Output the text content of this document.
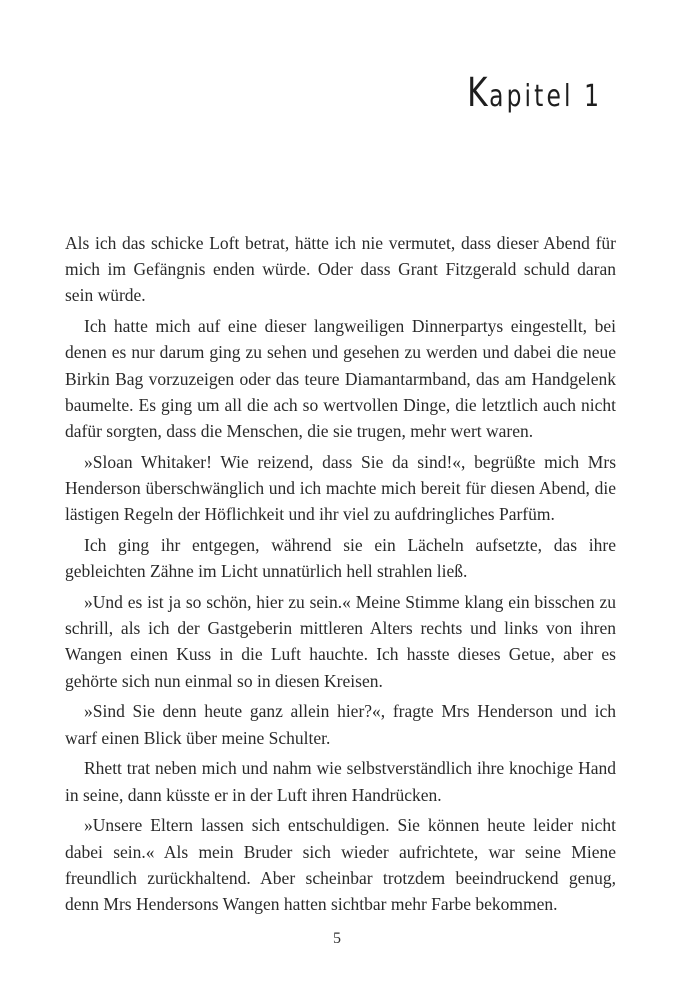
Kapitel 1

Als ich das schicke Loft betrat, hätte ich nie vermutet, dass dieser Abend für mich im Gefängnis enden würde. Oder dass Grant Fitzgerald schuld daran sein würde.

Ich hatte mich auf eine dieser langweiligen Dinnerpartys eingestellt, bei denen es nur darum ging zu sehen und gesehen zu werden und dabei die neue Birkin Bag vorzuzeigen oder das teure Diamantarmband, das am Handgelenk baumelte. Es ging um all die ach so wertvollen Dinge, die letztlich auch nicht dafür sorgten, dass die Menschen, die sie trugen, mehr wert waren.

»Sloan Whitaker! Wie reizend, dass Sie da sind!«, begrüßte mich Mrs Henderson überschwänglich und ich machte mich bereit für diesen Abend, die lästigen Regeln der Höflichkeit und ihr viel zu aufdringliches Parfüm.

Ich ging ihr entgegen, während sie ein Lächeln aufsetzte, das ihre gebleichten Zähne im Licht unnatürlich hell strahlen ließ.

»Und es ist ja so schön, hier zu sein.« Meine Stimme klang ein bisschen zu schrill, als ich der Gastgeberin mittleren Alters rechts und links von ihren Wangen einen Kuss in die Luft hauchte. Ich hasste dieses Getue, aber es gehörte sich nun einmal so in diesen Kreisen.

»Sind Sie denn heute ganz allein hier?«, fragte Mrs Henderson und ich warf einen Blick über meine Schulter.

Rhett trat neben mich und nahm wie selbstverständlich ihre knochige Hand in seine, dann küsste er in der Luft ihren Handrücken.

»Unsere Eltern lassen sich entschuldigen. Sie können heute leider nicht dabei sein.« Als mein Bruder sich wieder aufrichtete, war seine Miene freundlich zurückhaltend. Aber scheinbar trotzdem beeindruckend genug, denn Mrs Hendersons Wangen hatten sichtbar mehr Farbe bekommen.

5
